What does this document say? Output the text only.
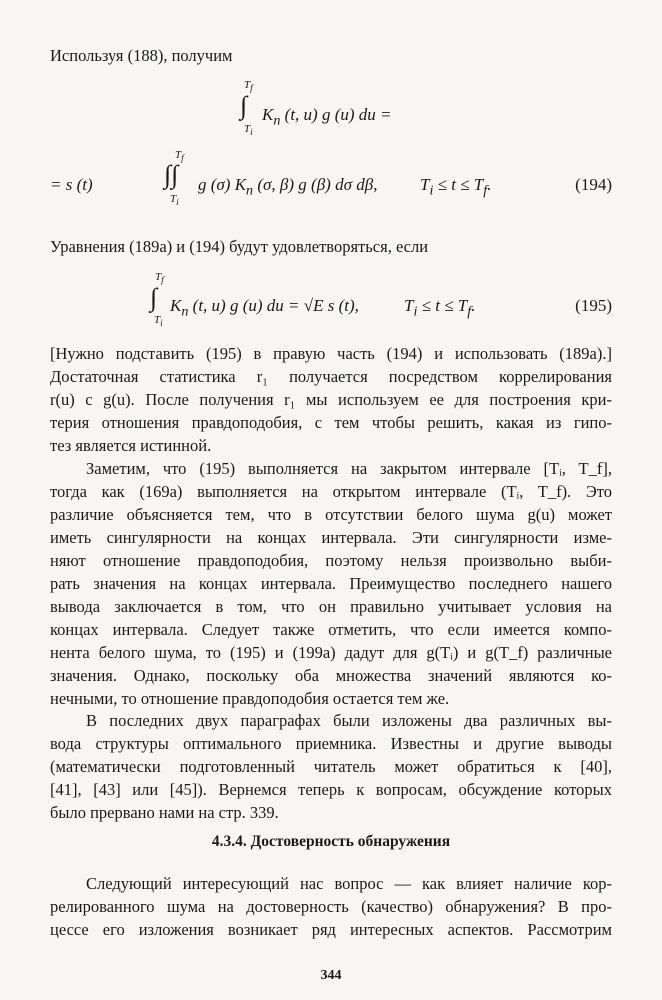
Используя (188), получим
$T_f$
∫
$T_i$
$K_n$ (t, u) g (u) du =
= s (t)
$T_f$
∫∫
$T_i$
g (σ) $K_n$ (σ, β) g (β) dσ dβ,	$T_i \le t \le T_f$.	(194)
Уравнения (189а) и (194) будут удовлетворяться, если
$T_f$
∫
$T_i$
$K_n$ (t, u) g (u) du = √E s (t),	$T_i \le t \le T_f$.	(195)
[Нужно подставить (195) в правую часть (194) и использовать (189а).]
Достаточная статистика r₁ получается посредством коррелирования
r(u) с g(u). После получения r₁ мы используем ее для построения кри-
терия отношения правдоподобия, с тем чтобы решить, какая из гипо-
тез является истинной.
Заметим, что (195) выполняется на закрытом интервале [Tᵢ, T_f],
тогда как (169а) выполняется на открытом интервале (Tᵢ, T_f). Это
различие объясняется тем, что в отсутствии белого шума g(u) может
иметь сингулярности на концах интервала. Эти сингулярности изме-
няют отношение правдоподобия, поэтому нельзя произвольно выби-
рать значения на концах интервала. Преимущество последнего нашего
вывода заключается в том, что он правильно учитывает условия на
концах интервала. Следует также отметить, что если имеется компо-
нента белого шума, то (195) и (199а) дадут для g(Tᵢ) и g(T_f) различные
значения. Однако, поскольку оба множества значений являются ко-
нечными, то отношение правдоподобия остается тем же.
В последних двух параграфах были изложены два различных вы-
вода структуры оптимального приемника. Известны и другие выводы
(математически подготовленный читатель может обратиться к [40],
[41], [43] или [45]). Вернемся теперь к вопросам, обсуждение которых
было прервано нами на стр. 339.
4.3.4. Достоверность обнаружения
Следующий интересующий нас вопрос — как влияет наличие кор-
релированного шума на достоверность (качество) обнаружения? В про-
цессе его изложения возникает ряд интересных аспектов. Рассмотрим
344
